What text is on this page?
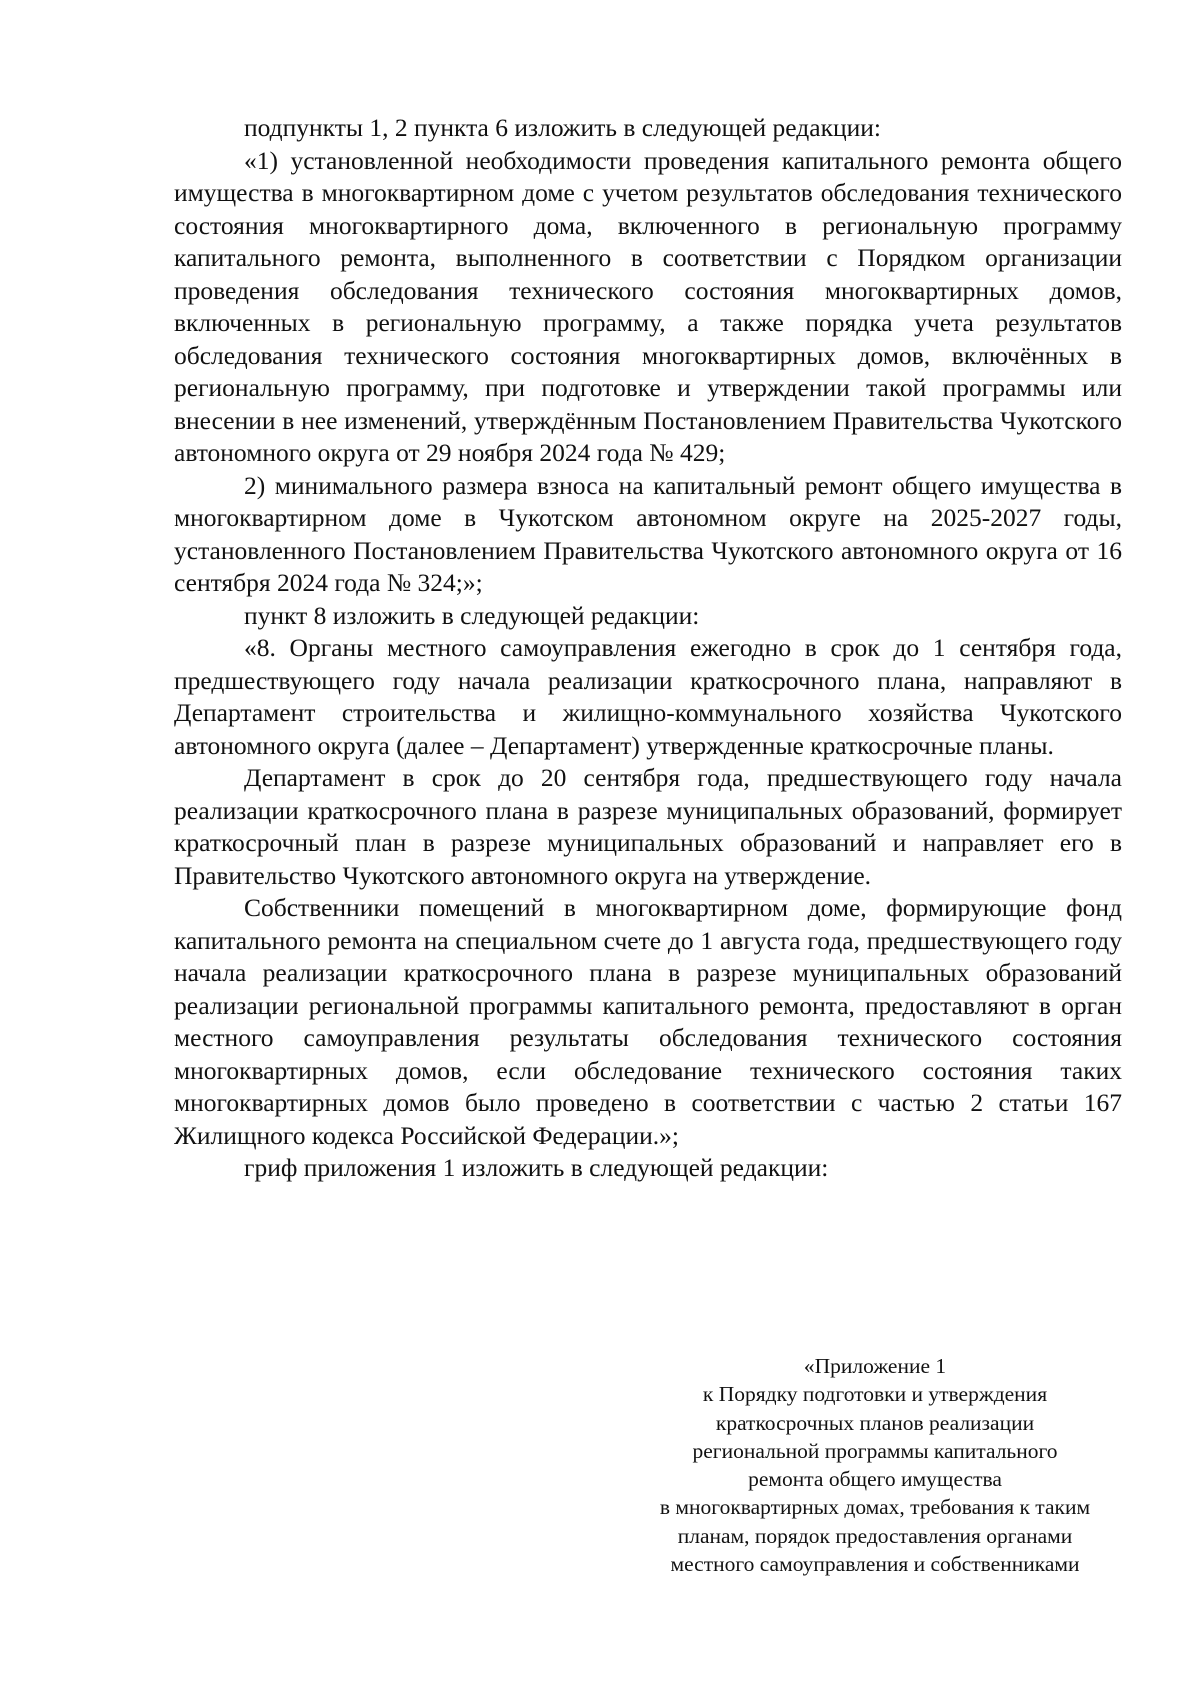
подпункты 1, 2 пункта 6 изложить в следующей редакции:

«1) установленной необходимости проведения капитального ремонта общего имущества в многоквартирном доме с учетом результатов обследования технического состояния многоквартирного дома, включенного в региональную программу капитального ремонта, выполненного в соответствии с Порядком организации проведения обследования технического состояния многоквартирных домов, включенных в региональную программу, а также порядка учета результатов обследования технического состояния многоквартирных домов, включённых в региональную программу, при подготовке и утверждении такой программы или внесении в нее изменений, утверждённым Постановлением Правительства Чукотского автономного округа от 29 ноября 2024 года № 429;

2) минимального размера взноса на капитальный ремонт общего имущества в многоквартирном доме в Чукотском автономном округе на 2025-2027 годы, установленного Постановлением Правительства Чукотского автономного округа от 16 сентября 2024 года № 324;»;

пункт 8 изложить в следующей редакции:

«8. Органы местного самоуправления ежегодно в срок до 1 сентября года, предшествующего году начала реализации краткосрочного плана, направляют в Департамент строительства и жилищно-коммунального хозяйства Чукотского автономного округа (далее – Департамент) утвержденные краткосрочные планы.

Департамент в срок до 20 сентября года, предшествующего году начала реализации краткосрочного плана в разрезе муниципальных образований, формирует краткосрочный план в разрезе муниципальных образований и направляет его в Правительство Чукотского автономного округа на утверждение.

Собственники помещений в многоквартирном доме, формирующие фонд капитального ремонта на специальном счете до 1 августа года, предшествующего году начала реализации краткосрочного плана в разрезе муниципальных образований реализации региональной программы капитального ремонта, предоставляют в орган местного самоуправления результаты обследования технического состояния многоквартирных домов, если обследование технического состояния таких многоквартирных домов было проведено в соответствии с частью 2 статьи 167 Жилищного кодекса Российской Федерации.»;

гриф приложения 1 изложить в следующей редакции:

«Приложение 1
к Порядку подготовки и утверждения
краткосрочных планов реализации
региональной программы капитального
ремонта общего имущества
в многоквартирных домах, требования к таким
планам, порядок предоставления органами
местного самоуправления и собственниками
